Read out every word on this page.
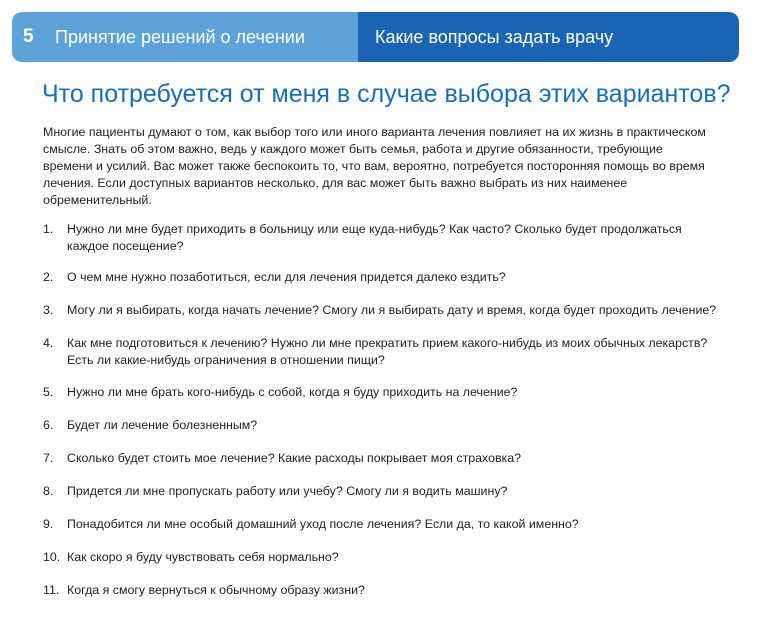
5	Принятие решений о лечении	Какие вопросы задать врачу
Что потребуется от меня в случае выбора этих вариантов?

Многие пациенты думают о том, как выбор того или иного варианта лечения повлияет на их жизнь в практическом смысле. Знать об этом важно, ведь у каждого может быть семья, работа и другие обязанности, требующие времени и усилий. Вас может также беспокоить то, что вам, вероятно, потребуется посторонняя помощь во время лечения. Если доступных вариантов несколько, для вас может быть важно выбрать из них наименее обременительный.

1.	Нужно ли мне будет приходить в больницу или еще куда-нибудь? Как часто? Сколько будет продолжаться каждое посещение?
2.	О чем мне нужно позаботиться, если для лечения придется далеко ездить?
3.	Могу ли я выбирать, когда начать лечение? Смогу ли я выбирать дату и время, когда будет проходить лечение?
4.	Как мне подготовиться к лечению? Нужно ли мне прекратить прием какого-нибудь из моих обычных лекарств? Есть ли какие-нибудь ограничения в отношении пищи?
5.	Нужно ли мне брать кого-нибудь с собой, когда я буду приходить на лечение?
6.	Будет ли лечение болезненным?
7.	Сколько будет стоить мое лечение? Какие расходы покрывает моя страховка?
8.	Придется ли мне пропускать работу или учебу? Смогу ли я водить машину?
9.	Понадобится ли мне особый домашний уход после лечения? Если да, то какой именно?
10. Как скоро я буду чувствовать себя нормально?
11. Когда я смогу вернуться к обычному образу жизни?
